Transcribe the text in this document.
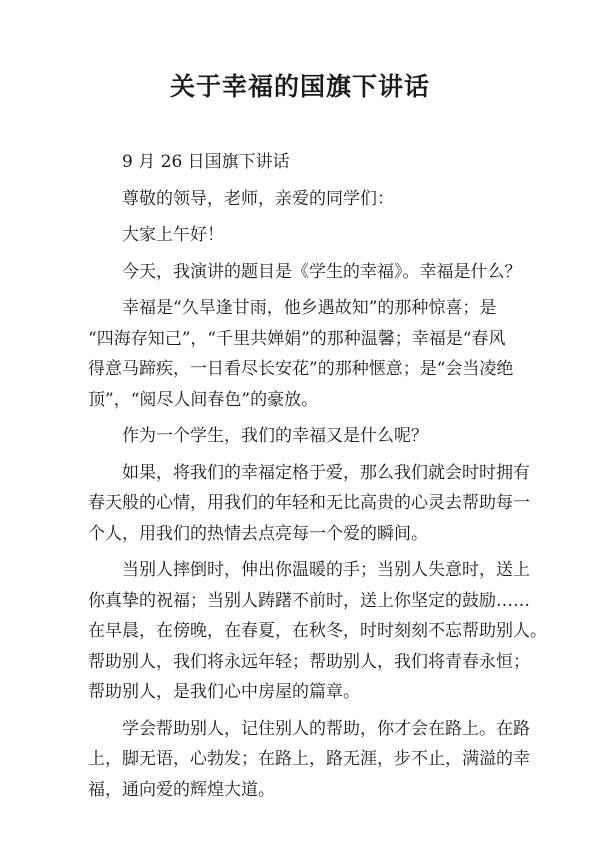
关于幸福的国旗下讲话
9 月 26 日国旗下讲话
尊敬的领导，老师，亲爱的同学们：
大家上午好！
今天，我演讲的题目是《学生的幸福》。幸福是什么？
幸福是“久旱逢甘雨，他乡遇故知”的那种惊喜；是
“四海存知己”，“千里共婵娟”的那种温馨；幸福是“春风
得意马蹄疾，一日看尽长安花”的那种惬意；是“会当凌绝
顶”，“阅尽人间春色”的豪放。
作为一个学生，我们的幸福又是什么呢？
如果，将我们的幸福定格于爱，那么我们就会时时拥有
春天般的心情，用我们的年轻和无比高贵的心灵去帮助每一
个人，用我们的热情去点亮每一个爱的瞬间。
当别人摔倒时，伸出你温暖的手；当别人失意时，送上
你真挚的祝福；当别人踌躇不前时，送上你坚定的鼓励……
在早晨，在傍晚，在春夏，在秋冬，时时刻刻不忘帮助别人。
帮助别人，我们将永远年轻；帮助别人，我们将青春永恒；
帮助别人，是我们心中房屋的篇章。
学会帮助别人，记住别人的帮助，你才会在路上。在路
上，脚无语，心勃发；在路上，路无涯，步不止，满溢的幸
福，通向爱的辉煌大道。
